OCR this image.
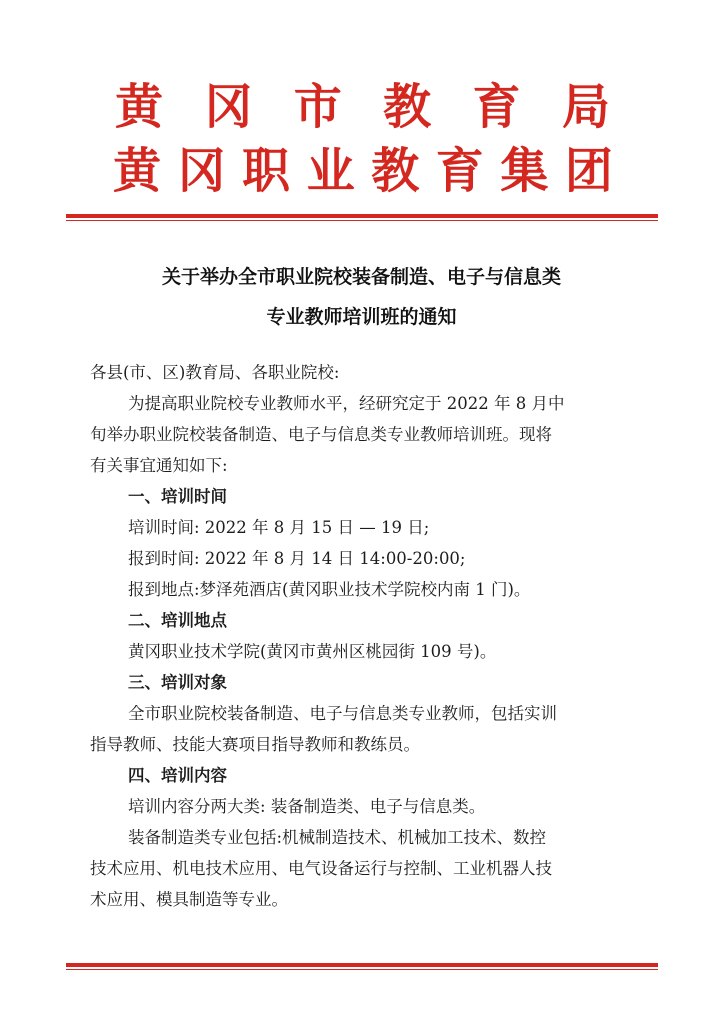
黄 冈 市 教 育 局
黄 冈 职 业 教 育 集 团
关于举办全市职业院校装备制造、电子与信息类
专业教师培训班的通知
各县(市、区)教育局、各职业院校:
为提高职业院校专业教师水平，经研究定于 2022 年 8 月中
旬举办职业院校装备制造、电子与信息类专业教师培训班。现将
有关事宜通知如下:
一、培训时间
培训时间: 2022 年 8 月 15 日 — 19 日;
报到时间: 2022 年 8 月 14 日 14:00-20:00;
报到地点:梦泽苑酒店(黄冈职业技术学院校内南 1 门)。
二、培训地点
黄冈职业技术学院(黄冈市黄州区桃园街 109 号)。
三、培训对象
全市职业院校装备制造、电子与信息类专业教师，包括实训
指导教师、技能大赛项目指导教师和教练员。
四、培训内容
培训内容分两大类: 装备制造类、电子与信息类。
装备制造类专业包括:机械制造技术、机械加工技术、数控
技术应用、机电技术应用、电气设备运行与控制、工业机器人技
术应用、模具制造等专业。
